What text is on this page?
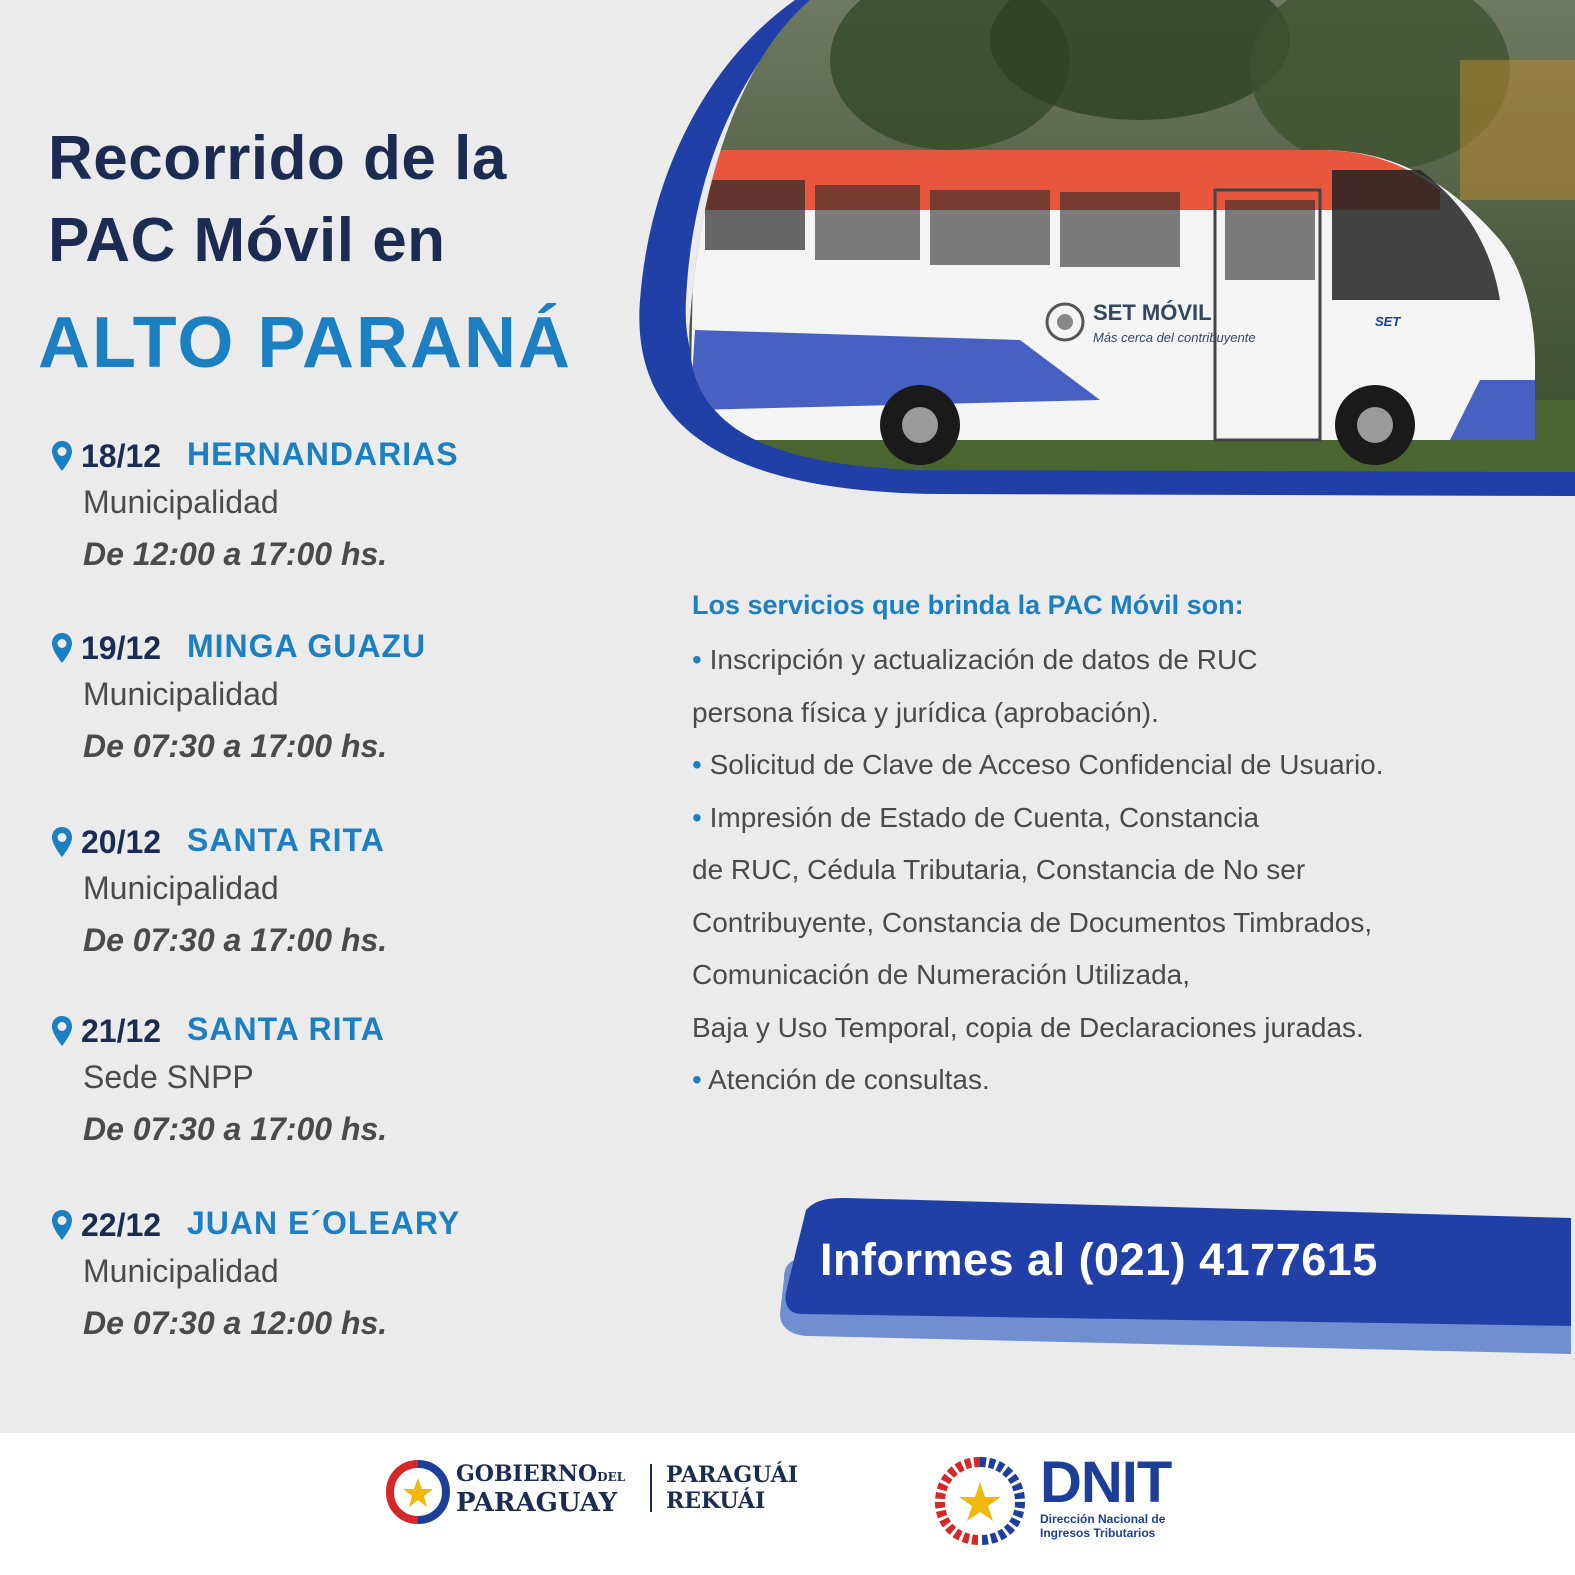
Recorrido de la
PAC Móvil en
ALTO PARANÁ	SET MÓVIL
Más cerca del contribuyente
SET
18/12 HERNANDARIAS
Municipalidad
De 12:00 a 17:00 hs.
19/12 MINGA GUAZU
Municipalidad
De 07:30 a 17:00 hs.
20/12 SANTA RITA
Municipalidad
De 07:30 a 17:00 hs.
21/12 SANTA RITA
Sede SNPP
De 07:30 a 17:00 hs.
22/12 JUAN E´OLEARY
Municipalidad
De 07:30 a 12:00 hs.

Los servicios que brinda la PAC Móvil son:

• Inscripción y actualización de datos de RUC
persona física y jurídica (aprobación).
• Solicitud de Clave de Acceso Confidencial de Usuario.
• Impresión de Estado de Cuenta, Constancia
de RUC, Cédula Tributaria, Constancia de No ser
Contribuyente, Constancia de Documentos Timbrados,
Comunicación de Numeración Utilizada,
Baja y Uso Temporal, copia de Declaraciones juradas.
• Atención de consultas.
Informes al (021) 4177615
GOBIERNODEL
PARAGUAY
PARAGUÁI
REKUÁI	DNIT
Dirección Nacional de
Ingresos Tributarios
